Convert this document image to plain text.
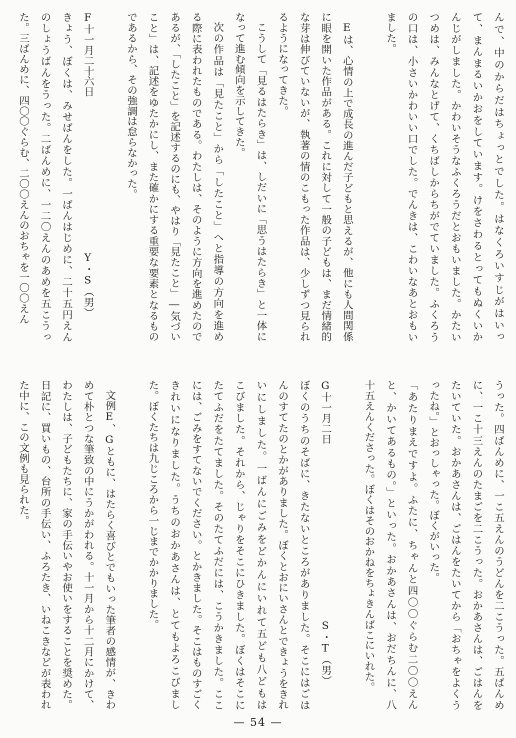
んで、中のからだはちょっとでした。はなくろいすじがはいっ
て、まんまるいかおをしています。けをさわるとってもぬくいか
んじがしました。かわいそうなふくろうだとおもいました。かたい
つめは、みんなとげて、くちばしからちがでていました。ふくろう
の口は、小さいかわいい口でした。でんきは、こわいなあとおもい
ました。
Eは、心情の上で成長の進んだ子どもと思えるが、他にも人間関係
に眼を開いた作品がある。これに対して一般の子どもは、まだ情緒的
な芽は伸びていないが、執著の情のこもった作品は、少しずつ見られ
るようになってきた。
こうして「見るはたらき」は、しだいに「思うはたらき」と一体に
なって進む傾向を示してきた。
次の作品は「見たこと」から「したこと」へと指導の方向を進め
る際に表われたものである。わたしは、そのように方向を進めたので
あるが、「したこと」を記述するのにも、やはり「見たこと」―気づい
こと」は、記述をゆたかにし、また確かにする重要な要素となるもの
であるから、その強調は怠らなかった。
F十一月二十六日
Y・S（男）
きょう、ぼくは、みせばんをした。一ばんはじめに、二十五円えん
のしょうばんをうった。二ばんめに、一二〇えんのあめを五こうっ
た。三ばんめに、四〇〇ぐらむ、二〇〇えんのおちゃを一〇〇えん
うった。四ばんめに、一こ五えんのうどんを二こうった。五ばんめ
に、一こ十三えんのたまごを二こうった。おかあさんは、ごはんを
たいていた。おかあさんは、ごはんをたいてから「おちゃをよくう
ったね。」とおっしゃった。ぼくがいった。
「あたりまえですよ。ふたに、ちゃんと四〇〇ぐらむ二〇〇えん
と、かいてあるもの。」といった。おかあさんは、おだちんに、八
十五えんくださった。ぼくはそのおかねをちょきんばこにいれた。
G十一月二日
S・T（男）
ぼくのうちのそばに、きたないところがありました。そこにはごは
んのすてたのとかがありました。ぼくとおにいさんとできょうをきれ
いにしました。一ばんにごみをどかんにいれて五ども八どもは
こびました。それから、じゃりをそこにひきました。ぼくはそこに
たてふだをたてました。そのたてふだには、こうかきました。ここ
には、ごみをすてないでください。とかきました。そこはものすごく
きれいになりました。うちのおかあさんは、とてもよろこびまし
た。ぼくたちは九じころから一じまでかかりました。
文例E、Gともに、はたらく喜びとでもいった筆者の感情が、きわ
めて朴とつな筆致の中にうかがわれる。十一月から十二月にかけて、
わたしは、子どもたちに、家の手伝いやお使いをすることを奨めた。
日記に、買いもの、台所の手伝い、ふろたき、いねこきなどが表われ
た中に、この文例も見られた。
— 54 —
